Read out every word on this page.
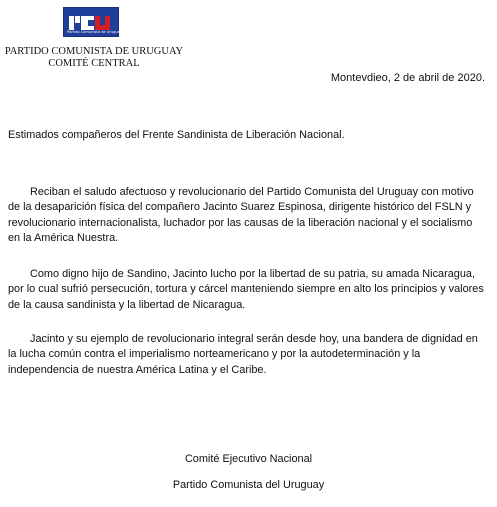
Partido Comunista de Uruguay
PARTIDO COMUNISTA DE URUGUAY
COMITÉ CENTRAL
Montevdieo, 2 de abril de 2020.
Estimados compañeros del Frente Sandinista de Liberación Nacional.

Reciban el saludo afectuoso y revolucionario del Partido Comunista del Uruguay con motivo de la desaparición física del compañero Jacinto Suarez Espinosa, dirigente histórico del FSLN y revolucionario internacionalista, luchador por las causas de la liberación nacional y el socialismo en la América Nuestra.

Como digno hijo de Sandino, Jacinto lucho por la libertad de su patria, su amada Nicaragua, por lo cual sufrió persecución, tortura y cárcel manteniendo siempre en alto los principios y valores de la causa sandinista y la libertad de Nicaragua.

Jacinto y su ejemplo de revolucionario integral serán desde hoy, una bandera de dignidad en la lucha común contra el imperialismo norteamericano y por la autodeterminación y la independencia de nuestra América Latina y el Caribe.

Comité Ejecutivo Nacional
Partido Comunista del Uruguay
